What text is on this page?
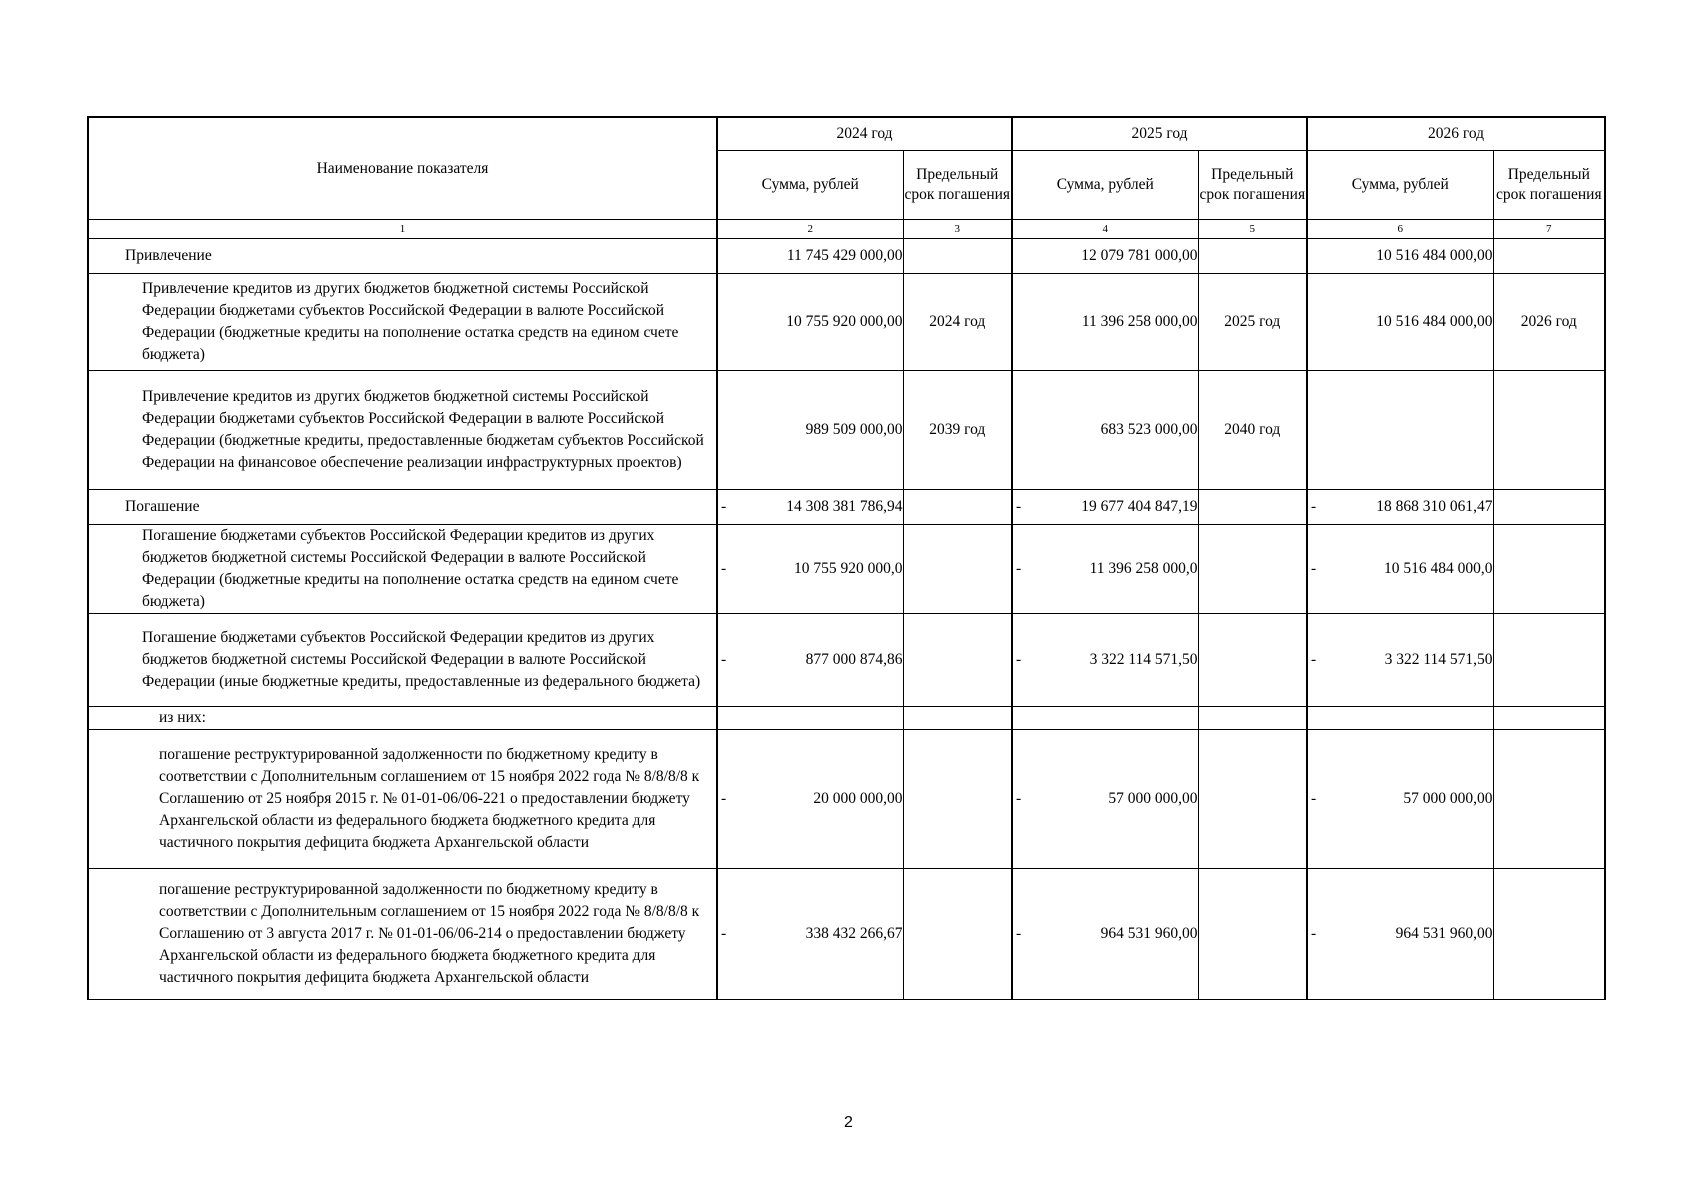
Наименование показателя	2024 год		2025 год		2026 год	
	Сумма, рублей	Предельный срок погашения	Сумма, рублей	Предельный срок погашения	Сумма, рублей	Предельный срок погашения
1	2	3	4	5	6	7
Привлечение	11 745 429 000,00		12 079 781 000,00		10 516 484 000,00	
Привлечение кредитов из других бюджетов бюджетной системы Российской Федерации бюджетами субъектов Российской Федерации в валюте Российской Федерации (бюджетные кредиты на пополнение остатка средств на едином счете бюджета)	10 755 920 000,00	2024 год	11 396 258 000,00	2025 год	10 516 484 000,00	2026 год
Привлечение кредитов из других бюджетов бюджетной системы Российской Федерации бюджетами субъектов Российской Федерации в валюте Российской Федерации (бюджетные кредиты, предоставленные бюджетам субъектов Российской Федерации на финансовое обеспечение реализации инфраструктурных проектов)	989 509 000,00	2039 год	683 523 000,00	2040 год	

Погашение	- 14 308 381 786,94		- 19 677 404 847,19		- 18 868 310 061,47	
Погашение бюджетами субъектов Российской Федерации кредитов из других бюджетов бюджетной системы Российской Федерации в валюте Российской Федерации (бюджетные кредиты на пополнение остатка средств на едином счете бюджета)	- 10 755 920 000,0		- 11 396 258 000,0		- 10 516 484 000,0	
Погашение бюджетами субъектов Российской Федерации кредитов из других бюджетов бюджетной системы Российской Федерации в валюте Российской Федерации (иные бюджетные кредиты, предоставленные из федерального бюджета)	- 877 000 874,86		- 3 322 114 571,50		- 3 322 114 571,50	
из них:	

погашение реструктурированной задолженности по бюджетному кредиту в соответствии с Дополнительным соглашением от 15 ноября 2022 года № 8/8/8/8 к Соглашению от 25 ноября 2015 г. № 01-01-06/06-221 о предоставлении бюджету Архангельской области из федерального бюджета бюджетного кредита для частичного покрытия дефицита бюджета Архангельской области	- 20 000 000,00		- 57 000 000,00		- 57 000 000,00	
погашение реструктурированной задолженности по бюджетному кредиту в соответствии с Дополнительным соглашением от 15 ноября 2022 года № 8/8/8/8 к Соглашению от 3 августа 2017 г. № 01-01-06/06-214 о предоставлении бюджету Архангельской области из федерального бюджета бюджетного кредита для частичного покрытия дефицита бюджета Архангельской области	- 338 432 266,67		- 964 531 960,00		- 964 531 960,00	
2
